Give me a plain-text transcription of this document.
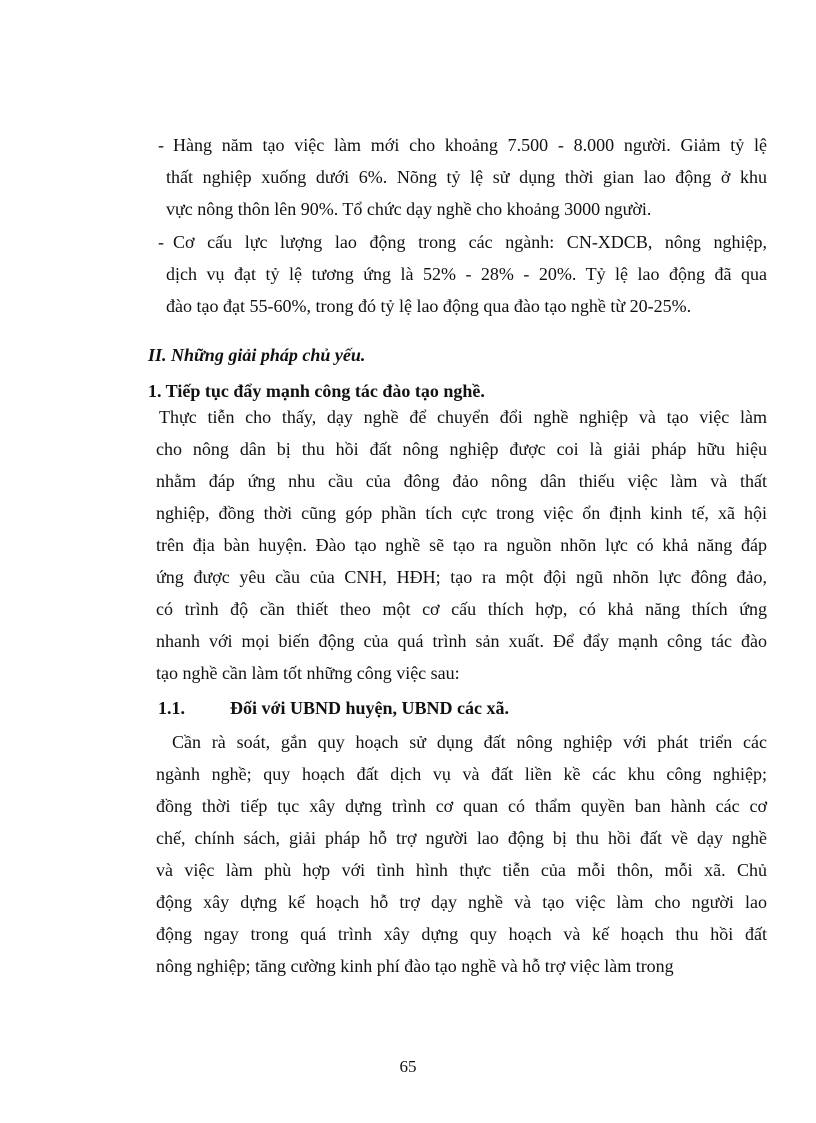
- Hàng năm tạo việc làm mới cho khoảng 7.500 - 8.000 người. Giảm tỷ lệ
thất nghiệp xuống dưới 6%. Nõng tỷ lệ sử dụng thời gian lao động ở khu
vực nông thôn lên 90%. Tổ chức dạy nghề cho khoảng 3000 người.
- Cơ cấu lực lượng lao động trong các ngành: CN-XDCB, nông nghiệp,
dịch vụ đạt tỷ lệ tương ứng là 52% - 28% - 20%. Tỷ lệ lao động đã qua
đào tạo đạt 55-60%, trong đó tỷ lệ lao động qua đào tạo nghề từ 20-25%.
II. Những giải pháp chủ yếu.
1. Tiếp tục đẩy mạnh công tác đào tạo nghề.
Thực tiễn cho thấy, dạy nghề để chuyển đổi nghề nghiệp và tạo việc làm
cho nông dân bị thu hồi đất nông nghiệp được coi là giải pháp hữu hiệu
nhằm đáp ứng nhu cầu của đông đảo nông dân thiếu việc làm và thất
nghiệp, đồng thời cũng góp phần tích cực trong việc ổn định kinh tế, xã hội
trên địa bàn huyện. Đào tạo nghề sẽ tạo ra nguồn nhõn lực có khả năng đáp
ứng được yêu cầu của CNH, HĐH; tạo ra một đội ngũ nhõn lực đông đảo,
có trình độ cần thiết theo một cơ cấu thích hợp, có khả năng thích ứng
nhanh với mọi biến động của quá trình sản xuất. Để đẩy mạnh công tác đào
tạo nghề cần làm tốt những công việc sau:
1.1.	Đối với UBND huyện, UBND các xã.
Cần rà soát, gắn quy hoạch sử dụng đất nông nghiệp với phát triển các
ngành nghề; quy hoạch đất dịch vụ và đất liền kề các khu công nghiệp;
đồng thời tiếp tục xây dựng trình cơ quan có thẩm quyền ban hành các cơ
chế, chính sách, giải pháp hỗ trợ người lao động bị thu hồi đất về dạy nghề
và việc làm phù hợp với tình hình thực tiễn của mỗi thôn, mỗi xã. Chủ
động xây dựng kế hoạch hỗ trợ dạy nghề và tạo việc làm cho người lao
động ngay trong quá trình xây dựng quy hoạch và kế hoạch thu hồi đất
nông nghiệp; tăng cường kinh phí đào tạo nghề và hỗ trợ việc làm trong
65
